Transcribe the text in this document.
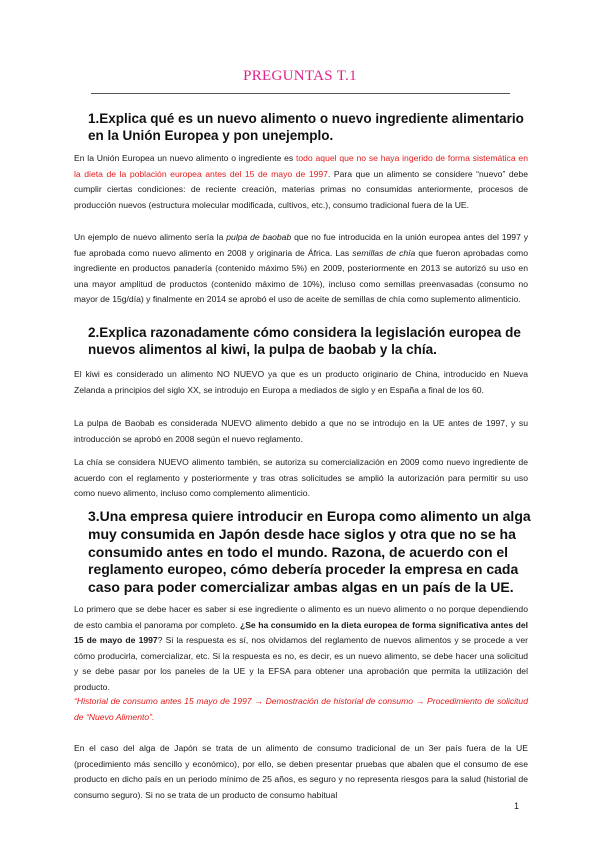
PREGUNTAS T.1
1.Explica qué es un nuevo alimento o nuevo ingrediente alimentario en la Unión Europea y pon unejemplo.
En la Unión Europea un nuevo alimento o ingrediente es todo aquel que no se haya ingerido de forma sistemática en la dieta de la población europea antes del 15 de mayo de 1997. Para que un alimento se considere “nuevo” debe cumplir ciertas condiciones: de reciente creación, materias primas no consumidas anteriormente, procesos de producción nuevos (estructura molecular modificada, cultivos, etc.), consumo tradicional fuera de la UE.
Un ejemplo de nuevo alimento sería la pulpa de baobab que no fue introducida en la unión europea antes del 1997 y fue aprobada como nuevo alimento en 2008 y originaria de África. Las semillas de chía que fueron aprobadas como ingrediente en productos panadería (contenido máximo 5%) en 2009, posteriormente en 2013 se autorizó su uso en una mayor amplitud de productos (contenido máximo de 10%), incluso como semillas preenvasadas (consumo no mayor de 15g/día) y finalmente en 2014 se aprobó el uso de aceite de semillas de chía como suplemento alimenticio.
2.Explica razonadamente cómo considera la legislación europea de nuevos alimentos al kiwi, la pulpa de baobab y la chía.
El kiwi es considerado un alimento NO NUEVO ya que es un producto originario de China, introducido en Nueva Zelanda a principios del siglo XX, se introdujo en Europa a mediados de siglo y en España a final de los 60.
La pulpa de Baobab es considerada NUEVO alimento debido a que no se introdujo en la UE antes de 1997, y su introducción se aprobó en 2008 según el nuevo reglamento.
La chía se considera NUEVO alimento también, se autoriza su comercialización en 2009 como nuevo ingrediente de acuerdo con el reglamento y posteriormente y tras otras solicitudes se amplió la autorización para permitir su uso como nuevo alimento, incluso como complemento alimenticio.
3.Una empresa quiere introducir en Europa como alimento un alga muy consumida en Japón desde hace siglos y otra que no se ha consumido antes en todo el mundo. Razona, de acuerdo con el reglamento europeo, cómo debería proceder la empresa en cada caso para poder comercializar ambas algas en un país de la UE.
Lo primero que se debe hacer es saber si ese ingrediente o alimento es un nuevo alimento o no porque dependiendo de esto cambia el panorama por completo. ¿Se ha consumido en la dieta europea de forma significativa antes del 15 de mayo de 1997? Si la respuesta es sí, nos olvidamos del reglamento de nuevos alimentos y se procede a ver cómo producirla, comercializar, etc. Si la respuesta es no, es decir, es un nuevo alimento, se debe hacer una solicitud y se debe pasar por los paneles de la UE y la EFSA para obtener una aprobación que permita la utilización del producto.
“Historial de consumo antes 15 mayo de 1997 → Demostración de historial de consumo → Procedimiento de solicitud de “Nuevo Alimento”.
En el caso del alga de Japón se trata de un alimento de consumo tradicional de un 3er país fuera de la UE (procedimiento más sencillo y económico), por ello, se deben presentar pruebas que abalen que el consumo de ese producto en dicho país en un periodo mínimo de 25 años, es seguro y no representa riesgos para la salud (historial de consumo seguro). Si no se trata de un producto de consumo habitual
1
